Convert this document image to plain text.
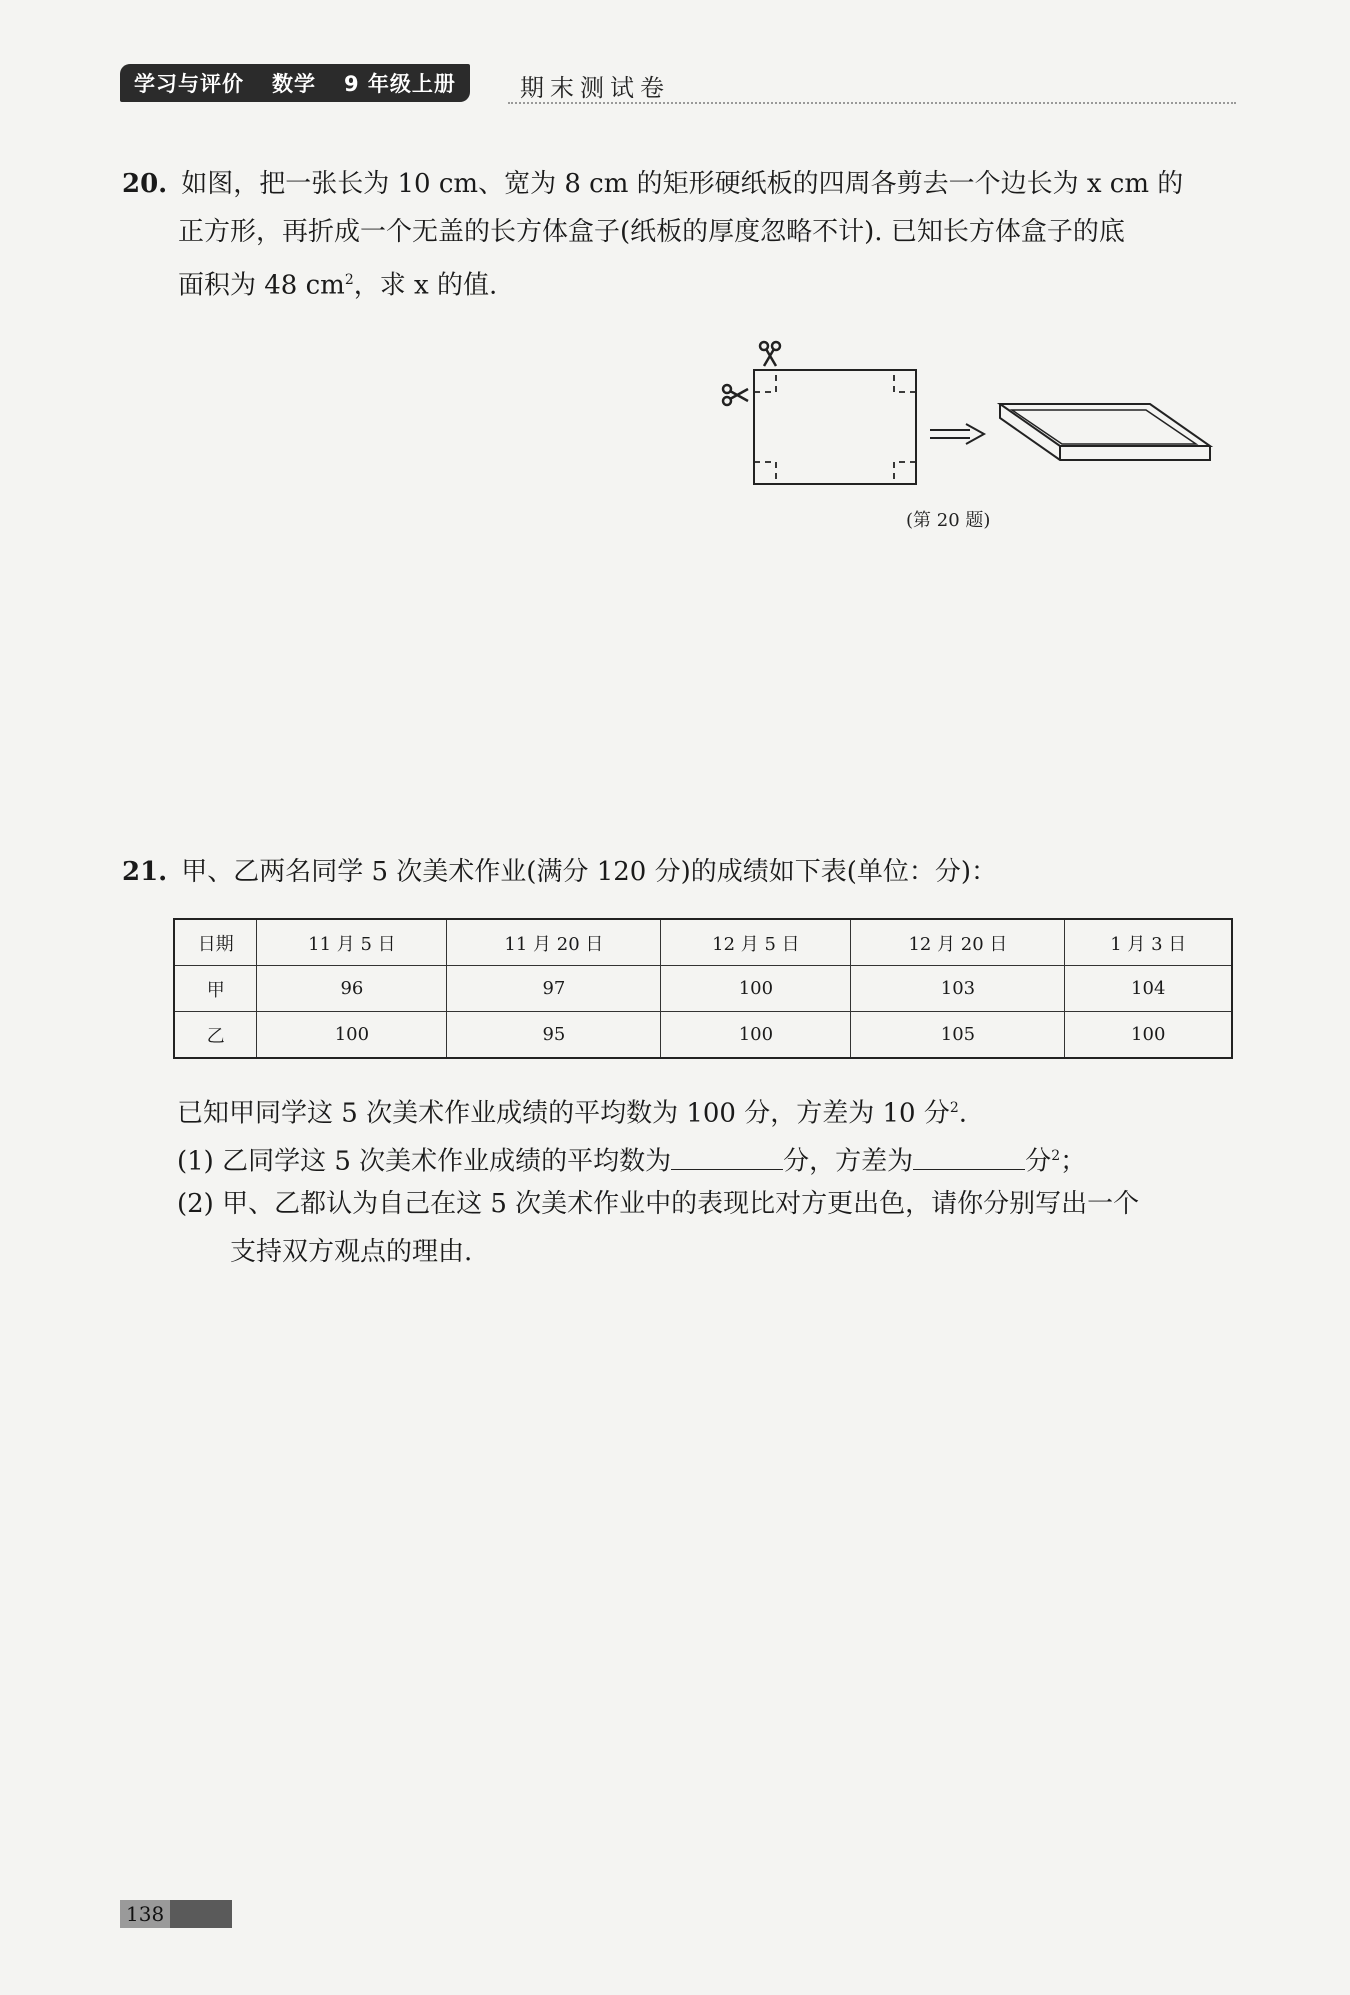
学习与评价 数学 9 年级上册	期末测试卷
20. 如图，把一张长为 10 cm、宽为 8 cm 的矩形硬纸板的四周各剪去一个边长为 x cm 的
正方形，再折成一个无盖的长方体盒子(纸板的厚度忽略不计). 已知长方体盒子的底
面积为 48 $cm^2$，求 x 的值.
(第 20 题)
21. 甲、乙两名同学 5 次美术作业(满分 120 分)的成绩如下表(单位：分)：
日期	11 月 5 日	11 月 20 日	12 月 5 日	12 月 20 日	1 月 3 日
甲	96	97	100	103	104
乙	100	95	100	105	100
已知甲同学这 5 次美术作业成绩的平均数为 100 分，方差为 10 分$^2$.
(1) 乙同学这 5 次美术作业成绩的平均数为	分，方差为	分$^2$；
(2) 甲、乙都认为自己在这 5 次美术作业中的表现比对方更出色，请你分别写出一个
支持双方观点的理由.
138
